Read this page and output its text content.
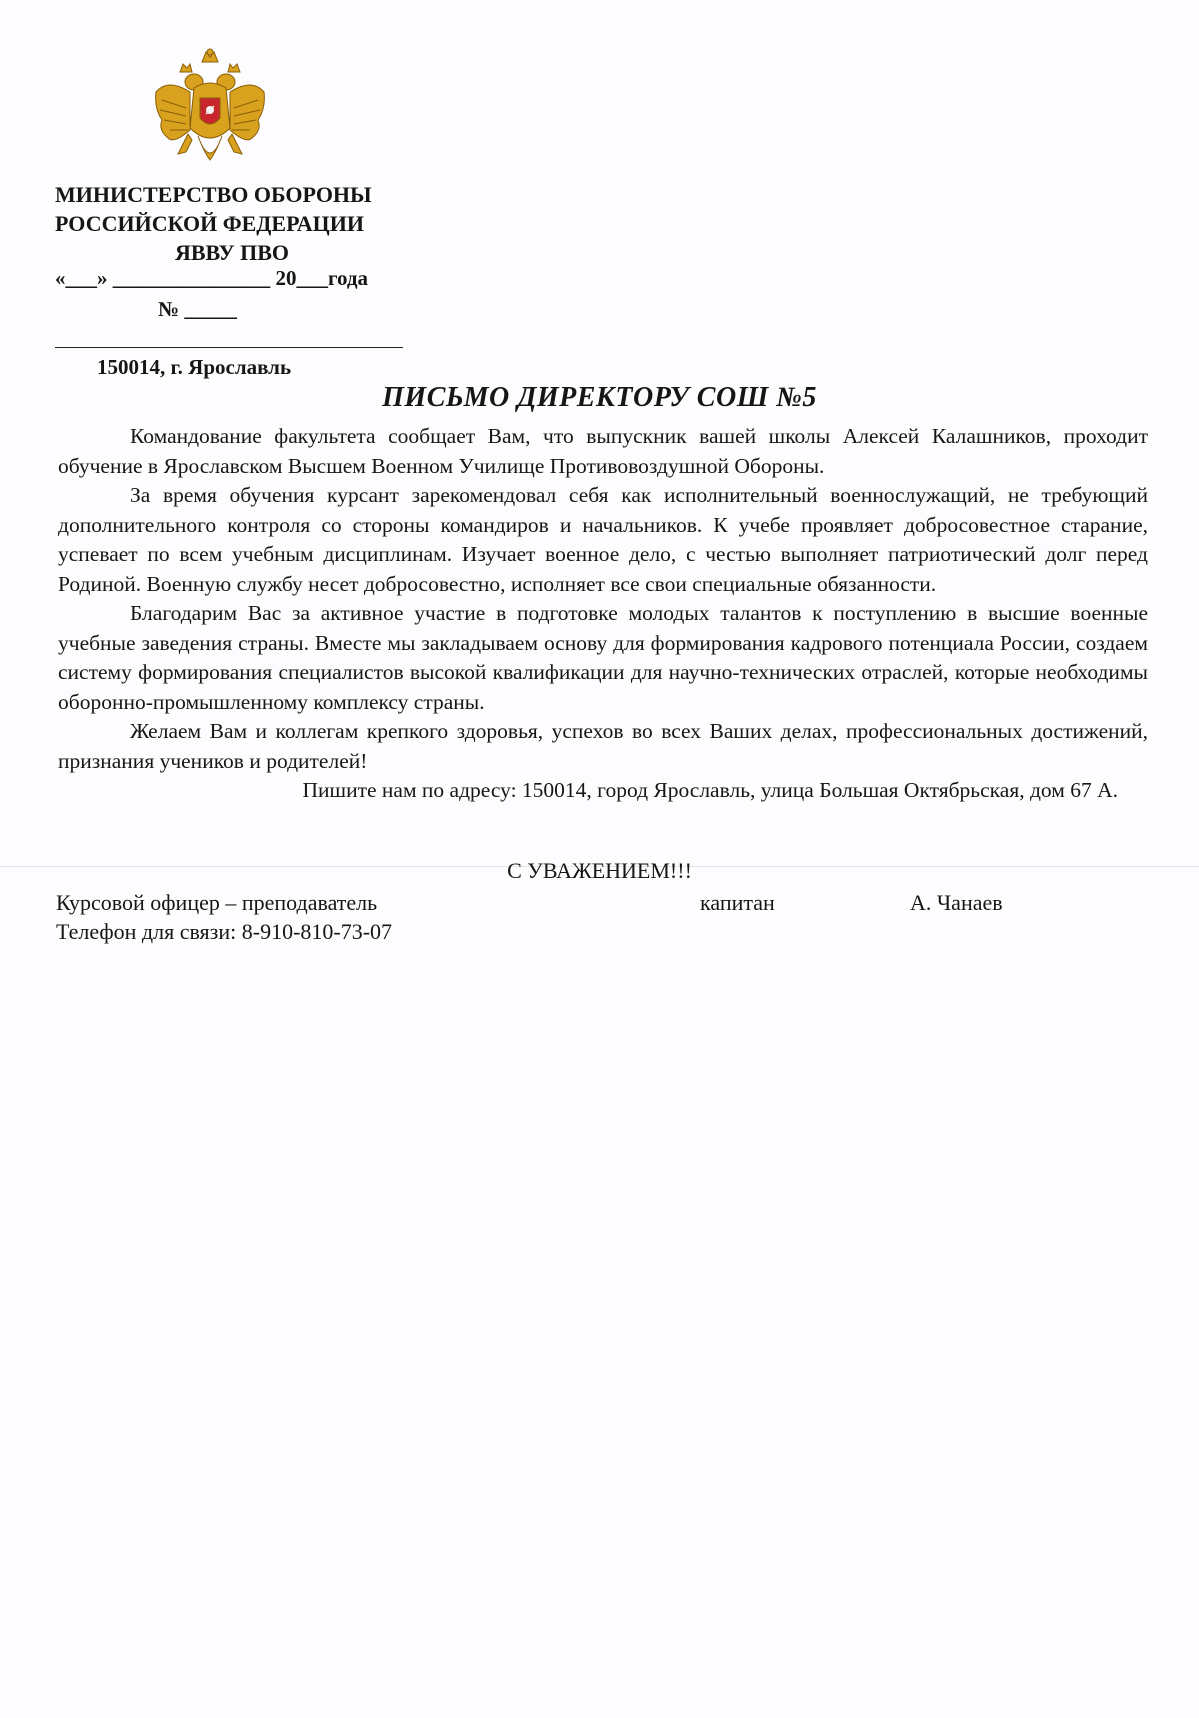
МИНИСТЕРСТВО ОБОРОНЫ
РОССИЙСКОЙ ФЕДЕРАЦИИ
ЯВВУ ПВО
«___» _______________ 20___года
№ _____
150014, г. Ярославль
ПИСЬМО ДИРЕКТОРУ СОШ №5

Командование факультета сообщает Вам, что выпускник вашей школы Алексей Калашников, проходит обучение в Ярославском Высшем Военном Училище Противовоздушной Обороны.

За время обучения курсант зарекомендовал себя как исполнительный военнослужащий, не требующий дополнительного контроля со стороны командиров и начальников. К учебе проявляет добросовестное старание, успевает по всем учебным дисциплинам. Изучает военное дело, с честью выполняет патриотический долг перед Родиной. Военную службу несет добросовестно, исполняет все свои специальные обязанности.

Благодарим Вас за активное участие в подготовке молодых талантов к поступлению в высшие военные учебные заведения страны. Вместе мы закладываем основу для формирования кадрового потенциала России, создаем систему формирования специалистов высокой квалификации для научно-технических отраслей, которые необходимы оборонно-промышленному комплексу страны.

Желаем Вам и коллегам крепкого здоровья, успехов во всех Ваших делах, профессиональных достижений, признания учеников и родителей!

Пишите нам по адресу: 150014, город Ярославль, улица Большая Октябрьская, дом 67 А.

С УВАЖЕНИЕМ!!!
Курсовой офицер – преподаватель	капитан	А. Чанаев
Телефон для связи: 8-910-810-73-07
